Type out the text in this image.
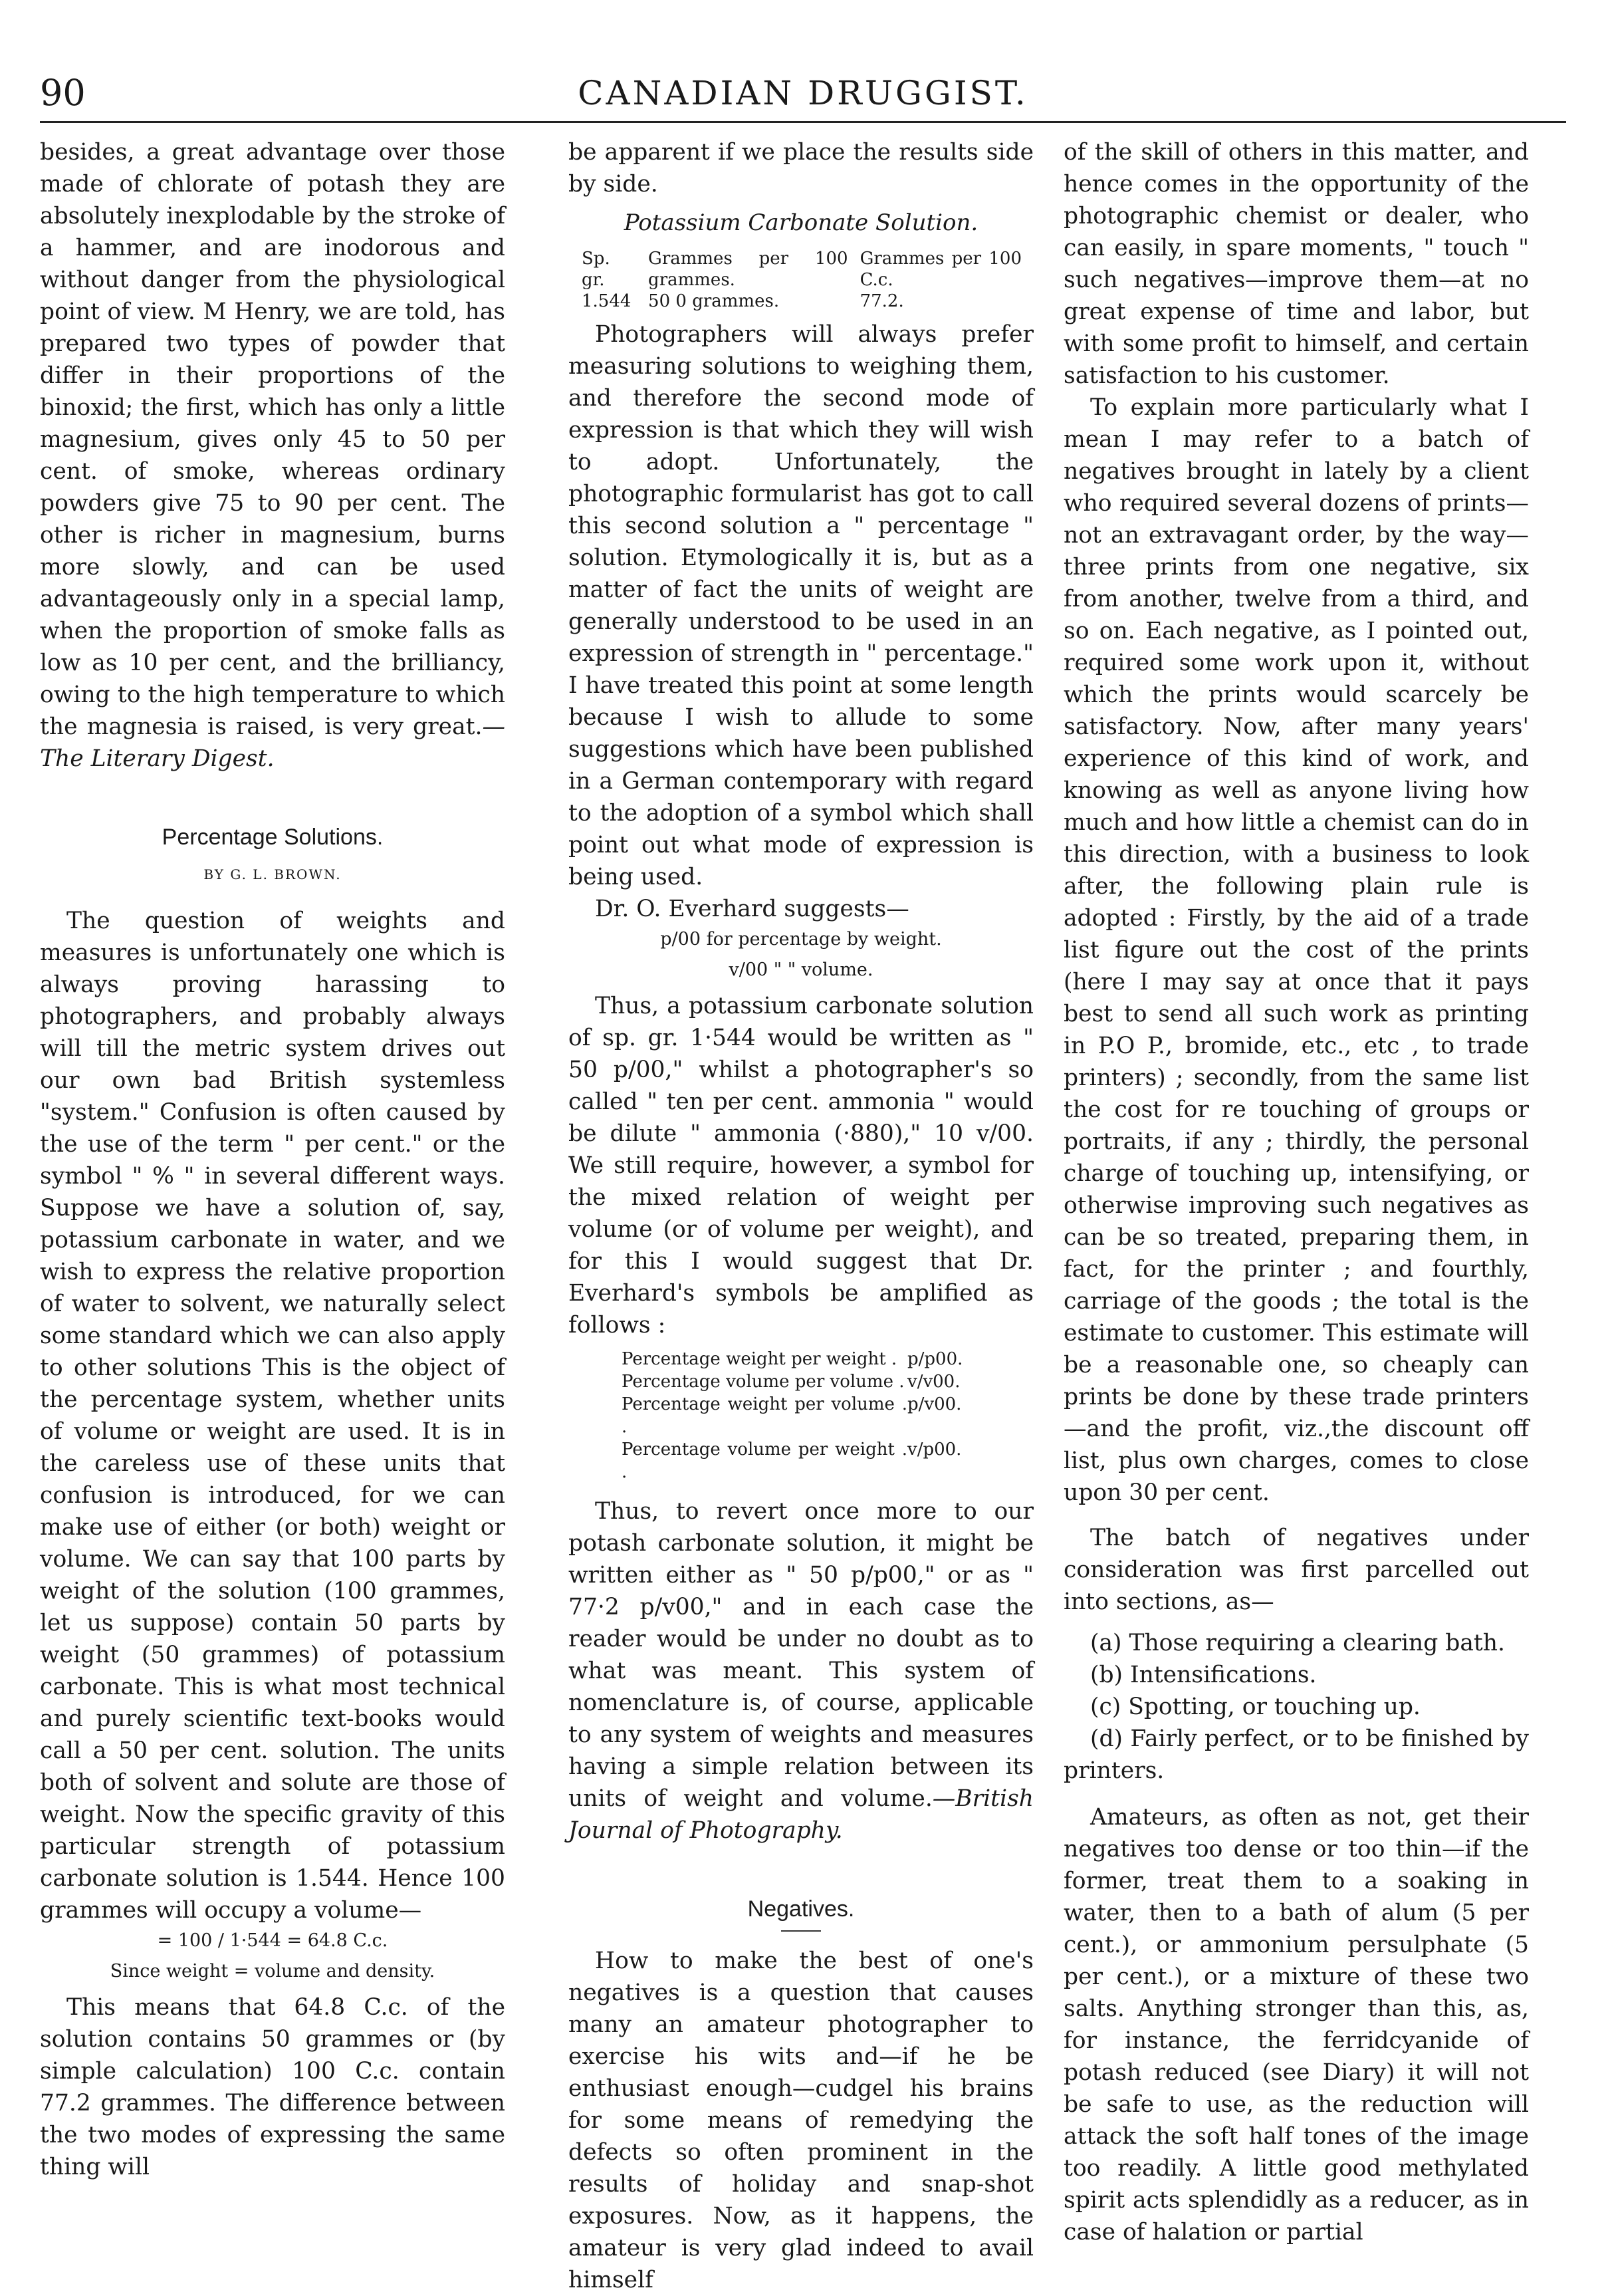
90	CANADIAN DRUGGIST.

besides, a great advantage over those made of chlorate of potash they are absolutely inexplodable by the stroke of a hammer, and are inodorous and without danger from the physiological point of view. M Henry, we are told, has prepared two types of powder that differ in their proportions of the binoxid; the first, which has only a little magnesium, gives only 45 to 50 per cent. of smoke, whereas ordinary powders give 75 to 90 per cent. The other is richer in magnesium, burns more slowly, and can be used advantageously only in a special lamp, when the proportion of smoke falls as low as 10 per cent, and the brilliancy, owing to the high temperature to which the magnesia is raised, is very great.—The Literary Digest.

Percentage Solutions.
BY G. L. BROWN.

The question of weights and measures is unfortunately one which is always proving harassing to photographers, and probably always will till the metric system drives out our own bad British systemless "system." Confusion is often caused by the use of the term " per cent." or the symbol " % " in several different ways. Suppose we have a solution of, say, potassium carbonate in water, and we wish to express the relative proportion of water to solvent, we naturally select some standard which we can also apply to other solutions This is the object of the percentage system, whether units of volume or weight are used. It is in the careless use of these units that confusion is introduced, for we can make use of either (or both) weight or volume. We can say that 100 parts by weight of the solution (100 grammes, let us suppose) contain 50 parts by weight (50 grammes) of potassium carbonate. This is what most technical and purely scientific text-books would call a 50 per cent. solution. The units both of solvent and solute are those of weight. Now the specific gravity of this particular strength of potassium carbonate solution is 1.544. Hence 100 grammes will occupy a volume—

= 100 / 1·544 = 64.8 C.c.
Since weight = volume and density.

This means that 64.8 C.c. of the solution contains 50 grammes or (by simple calculation) 100 C.c. contain 77.2 grammes. The difference between the two modes of expressing the same thing will

be apparent if we place the results side by side.

Potassium Carbonate Solution.
Sp. gr.	Grammes per 100 grammes.	Grammes per 100 C.c.
1.544	50 0 grammes.	77.2.

Photographers will always prefer measuring solutions to weighing them, and therefore the second mode of expression is that which they will wish to adopt. Unfortunately, the photographic formularist has got to call this second solution a " percentage " solution. Etymologically it is, but as a matter of fact the units of weight are generally understood to be used in an expression of strength in " percentage." I have treated this point at some length because I wish to allude to some suggestions which have been published in a German contemporary with regard to the adoption of a symbol which shall point out what mode of expression is being used.

Dr. O. Everhard suggests—

p/00 for percentage by weight.
v/00 " " volume.

Thus, a potassium carbonate solution of sp. gr. 1·544 would be written as " 50 p/00," whilst a photographer's so called " ten per cent. ammonia " would be dilute " ammonia (·880)," 10 v/00. We still require, however, a symbol for the mixed relation of weight per volume (or of volume per weight), and for this I would suggest that Dr. Everhard's symbols be amplified as follows :

Percentage weight per weight . p/p00.
Percentage volume per volume . v/v00.
Percentage weight per volume . .
p/v00.
Percentage volume per weight . .
v/p00.

Thus, to revert once more to our potash carbonate solution, it might be written either as " 50 p/p00," or as " 77·2 p/v00," and in each case the reader would be under no doubt as to what was meant. This system of nomenclature is, of course, applicable to any system of weights and measures having a simple relation between its units of weight and volume.—British Journal of Photography.

Negatives.

How to make the best of one's negatives is a question that causes many an amateur photographer to exercise his wits and—if he be enthusiast enough—cudgel his brains for some means of remedying the defects so often prominent in the results of holiday and snap-shot exposures. Now, as it happens, the amateur is very glad indeed to avail himself

of the skill of others in this matter, and hence comes in the opportunity of the photographic chemist or dealer, who can easily, in spare moments, " touch " such negatives—improve them—at no great expense of time and labor, but with some profit to himself, and certain satisfaction to his customer.

To explain more particularly what I mean I may refer to a batch of negatives brought in lately by a client who required several dozens of prints—not an extravagant order, by the way—three prints from one negative, six from another, twelve from a third, and so on. Each negative, as I pointed out, required some work upon it, without which the prints would scarcely be satisfactory. Now, after many years' experience of this kind of work, and knowing as well as anyone living how much and how little a chemist can do in this direction, with a business to look after, the following plain rule is adopted : Firstly, by the aid of a trade list figure out the cost of the prints (here I may say at once that it pays best to send all such work as printing in P.O P., bromide, etc., etc , to trade printers) ; secondly, from the same list the cost for re touching of groups or portraits, if any ; thirdly, the personal charge of touching up, intensifying, or otherwise improving such negatives as can be so treated, preparing them, in fact, for the printer ; and fourthly, carriage of the goods ; the total is the estimate to customer. This estimate will be a reasonable one, so cheaply can prints be done by these trade printers —and the profit, viz.,the discount off list, plus own charges, comes to close upon 30 per cent.

The batch of negatives under consideration was first parcelled out into sections, as—

(a) Those requiring a clearing bath.

(b) Intensifications.

(c) Spotting, or touching up.

(d) Fairly perfect, or to be finished by printers.

Amateurs, as often as not, get their negatives too dense or too thin—if the former, treat them to a soaking in water, then to a bath of alum (5 per cent.), or ammonium persulphate (5 per cent.), or a mixture of these two salts. Anything stronger than this, as, for instance, the ferridcyanide of potash reduced (see Diary) it will not be safe to use, as the reduction will attack the soft half tones of the image too readily. A little good methylated spirit acts splendidly as a reducer, as in case of halation or partial
